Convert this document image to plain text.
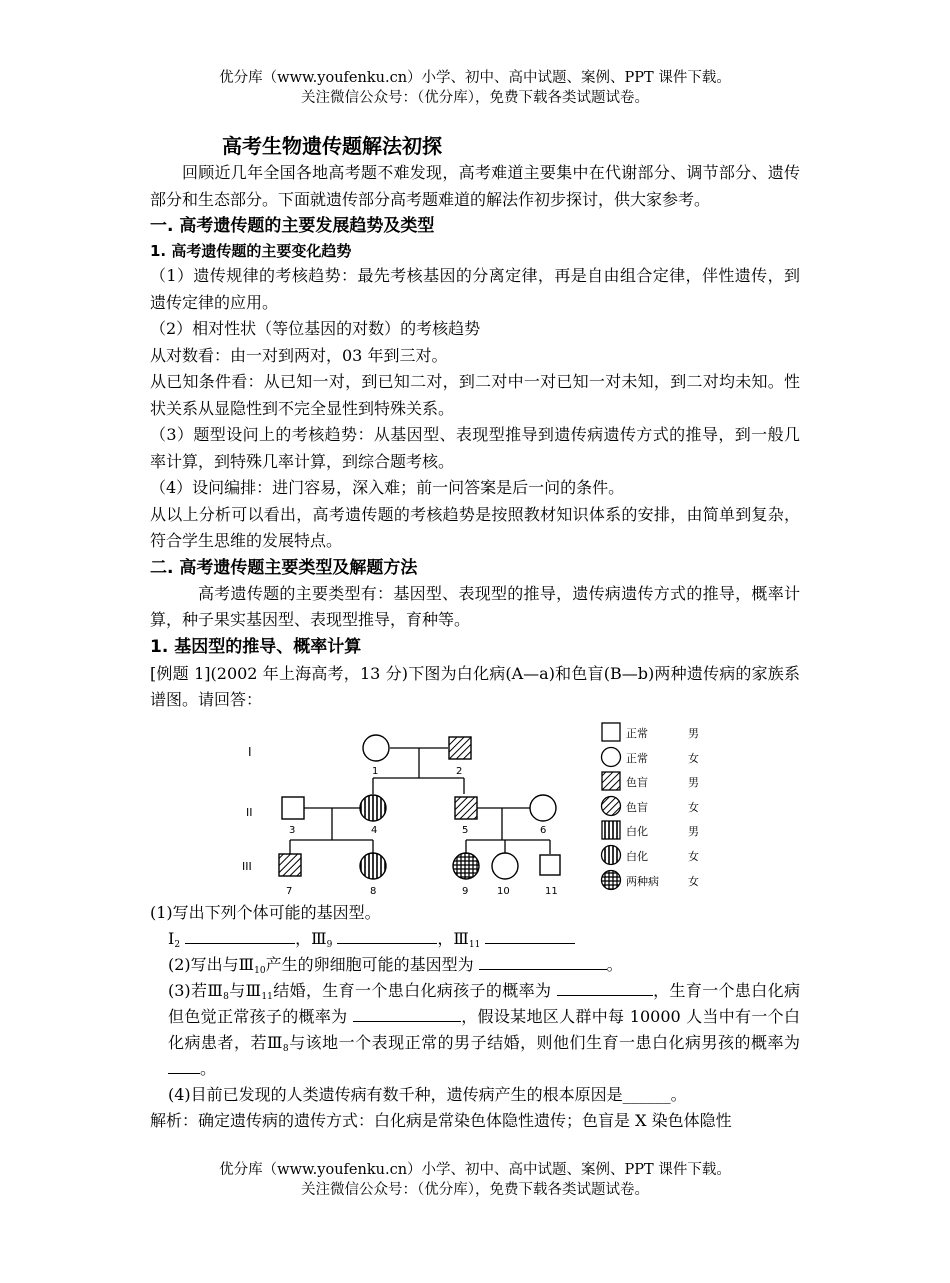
优分库（www.youfenku.cn）小学、初中、高中试题、案例、PPT 课件下载。
关注微信公众号：（优分库），免费下载各类试题试卷。
高考生物遗传题解法初探
回顾近几年全国各地高考题不难发现，高考难道主要集中在代谢部分、调节部分、遗传部分和生态部分。下面就遗传部分高考题难道的解法作初步探讨，供大家参考。
一. 高考遗传题的主要发展趋势及类型
1. 高考遗传题的主要变化趋势
（1）遗传规律的考核趋势：最先考核基因的分离定律，再是自由组合定律，伴性遗传，到遗传定律的应用。
（2）相对性状（等位基因的对数）的考核趋势
从对数看：由一对到两对，03 年到三对。
从已知条件看：从已知一对，到已知二对，到二对中一对已知一对未知，到二对均未知。性状关系从显隐性到不完全显性到特殊关系。
（3）题型设问上的考核趋势：从基因型、表现型推导到遗传病遗传方式的推导，到一般几率计算，到特殊几率计算，到综合题考核。
（4）设问编排：进门容易，深入难；前一问答案是后一问的条件。
从以上分析可以看出，高考遗传题的考核趋势是按照教材知识体系的安排，由简单到复杂，符合学生思维的发展特点。
二. 高考遗传题主要类型及解题方法
高考遗传题的主要类型有：基因型、表现型的推导，遗传病遗传方式的推导，概率计算，种子果实基因型、表现型推导，育种等。
1. 基因型的推导、概率计算
[例题 1](2002 年上海高考，13 分)下图为白化病(A—a)和色盲(B—b)两种遗传病的家族系谱图。请回答：
I
II
III
1	2
3	4	5	6
7	8	9	10	11
正常	男
正常	女
色盲	男
色盲	女
白化	男
白化	女
两种病	女
(1)写出下列个体可能的基因型。
$Ⅰ_2$	，$Ⅲ_9$	，$Ⅲ_{11}$
(2)写出与$Ⅲ_{10}$产生的卵细胞可能的基因型为	。
(3)若$Ⅲ_8$与$Ⅲ_{11}$结婚，生育一个患白化病孩子的概率为	，生育一个患白化病但色觉正常孩子的概率为	，假设某地区人群中每 10000 人当中有一个白化病患者，若$Ⅲ_8$与该地一个表现正常的男子结婚，则他们生育一患白化病男孩的概率为 。
(4)目前已发现的人类遗传病有数千种，遗传病产生的根本原因是______。
解析：确定遗传病的遗传方式：白化病是常染色体隐性遗传；色盲是 X 染色体隐性
优分库（www.youfenku.cn）小学、初中、高中试题、案例、PPT 课件下载。
关注微信公众号：（优分库），免费下载各类试题试卷。
